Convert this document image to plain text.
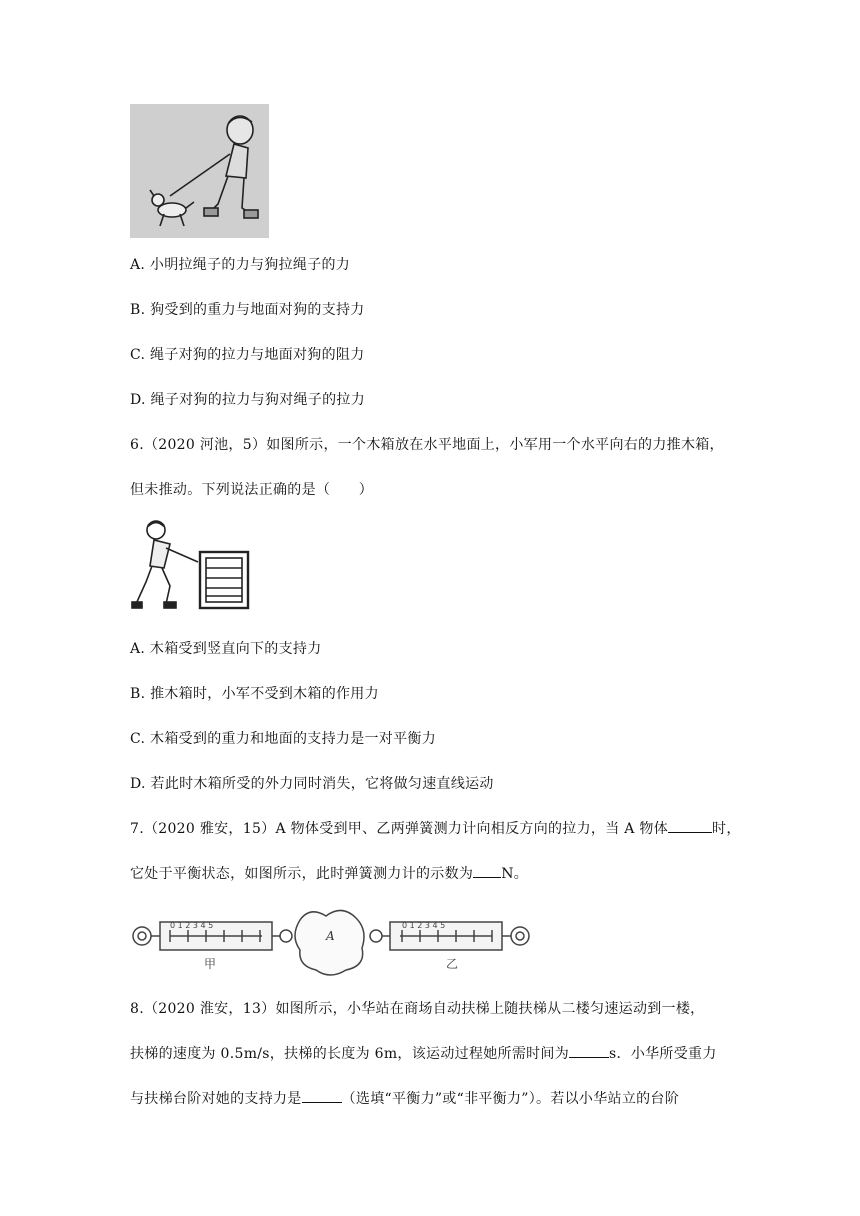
A. 小明拉绳子的力与狗拉绳子的力
B. 狗受到的重力与地面对狗的支持力
C. 绳子对狗的拉力与地面对狗的阻力
D. 绳子对狗的拉力与狗对绳子的拉力
6.（2020 河池，5）如图所示，一个木箱放在水平地面上，小军用一个水平向右的力推木箱，
但未推动。下列说法正确的是（　　）
A. 木箱受到竖直向下的支持力
B. 推木箱时，小军不受到木箱的作用力
C. 木箱受到的重力和地面的支持力是一对平衡力
D. 若此时木箱所受的外力同时消失，它将做匀速直线运动
7.（2020 雅安，15）A 物体受到甲、乙两弹簧测力计向相反方向的拉力，当 A 物体	时，
它处于平衡状态，如图所示，此时弹簧测力计的示数为 N。
0 1 2 3 4 5	0 1 2 3 4 5
A
甲	乙
8.（2020 淮安，13）如图所示，小华站在商场自动扶梯上随扶梯从二楼匀速运动到一楼，
扶梯的速度为 0.5m/s，扶梯的长度为 6m，该运动过程她所需时间为	s．小华所受重力
与扶梯台阶对她的支持力是	（选填“平衡力”或“非平衡力”）。若以小华站立的台阶
